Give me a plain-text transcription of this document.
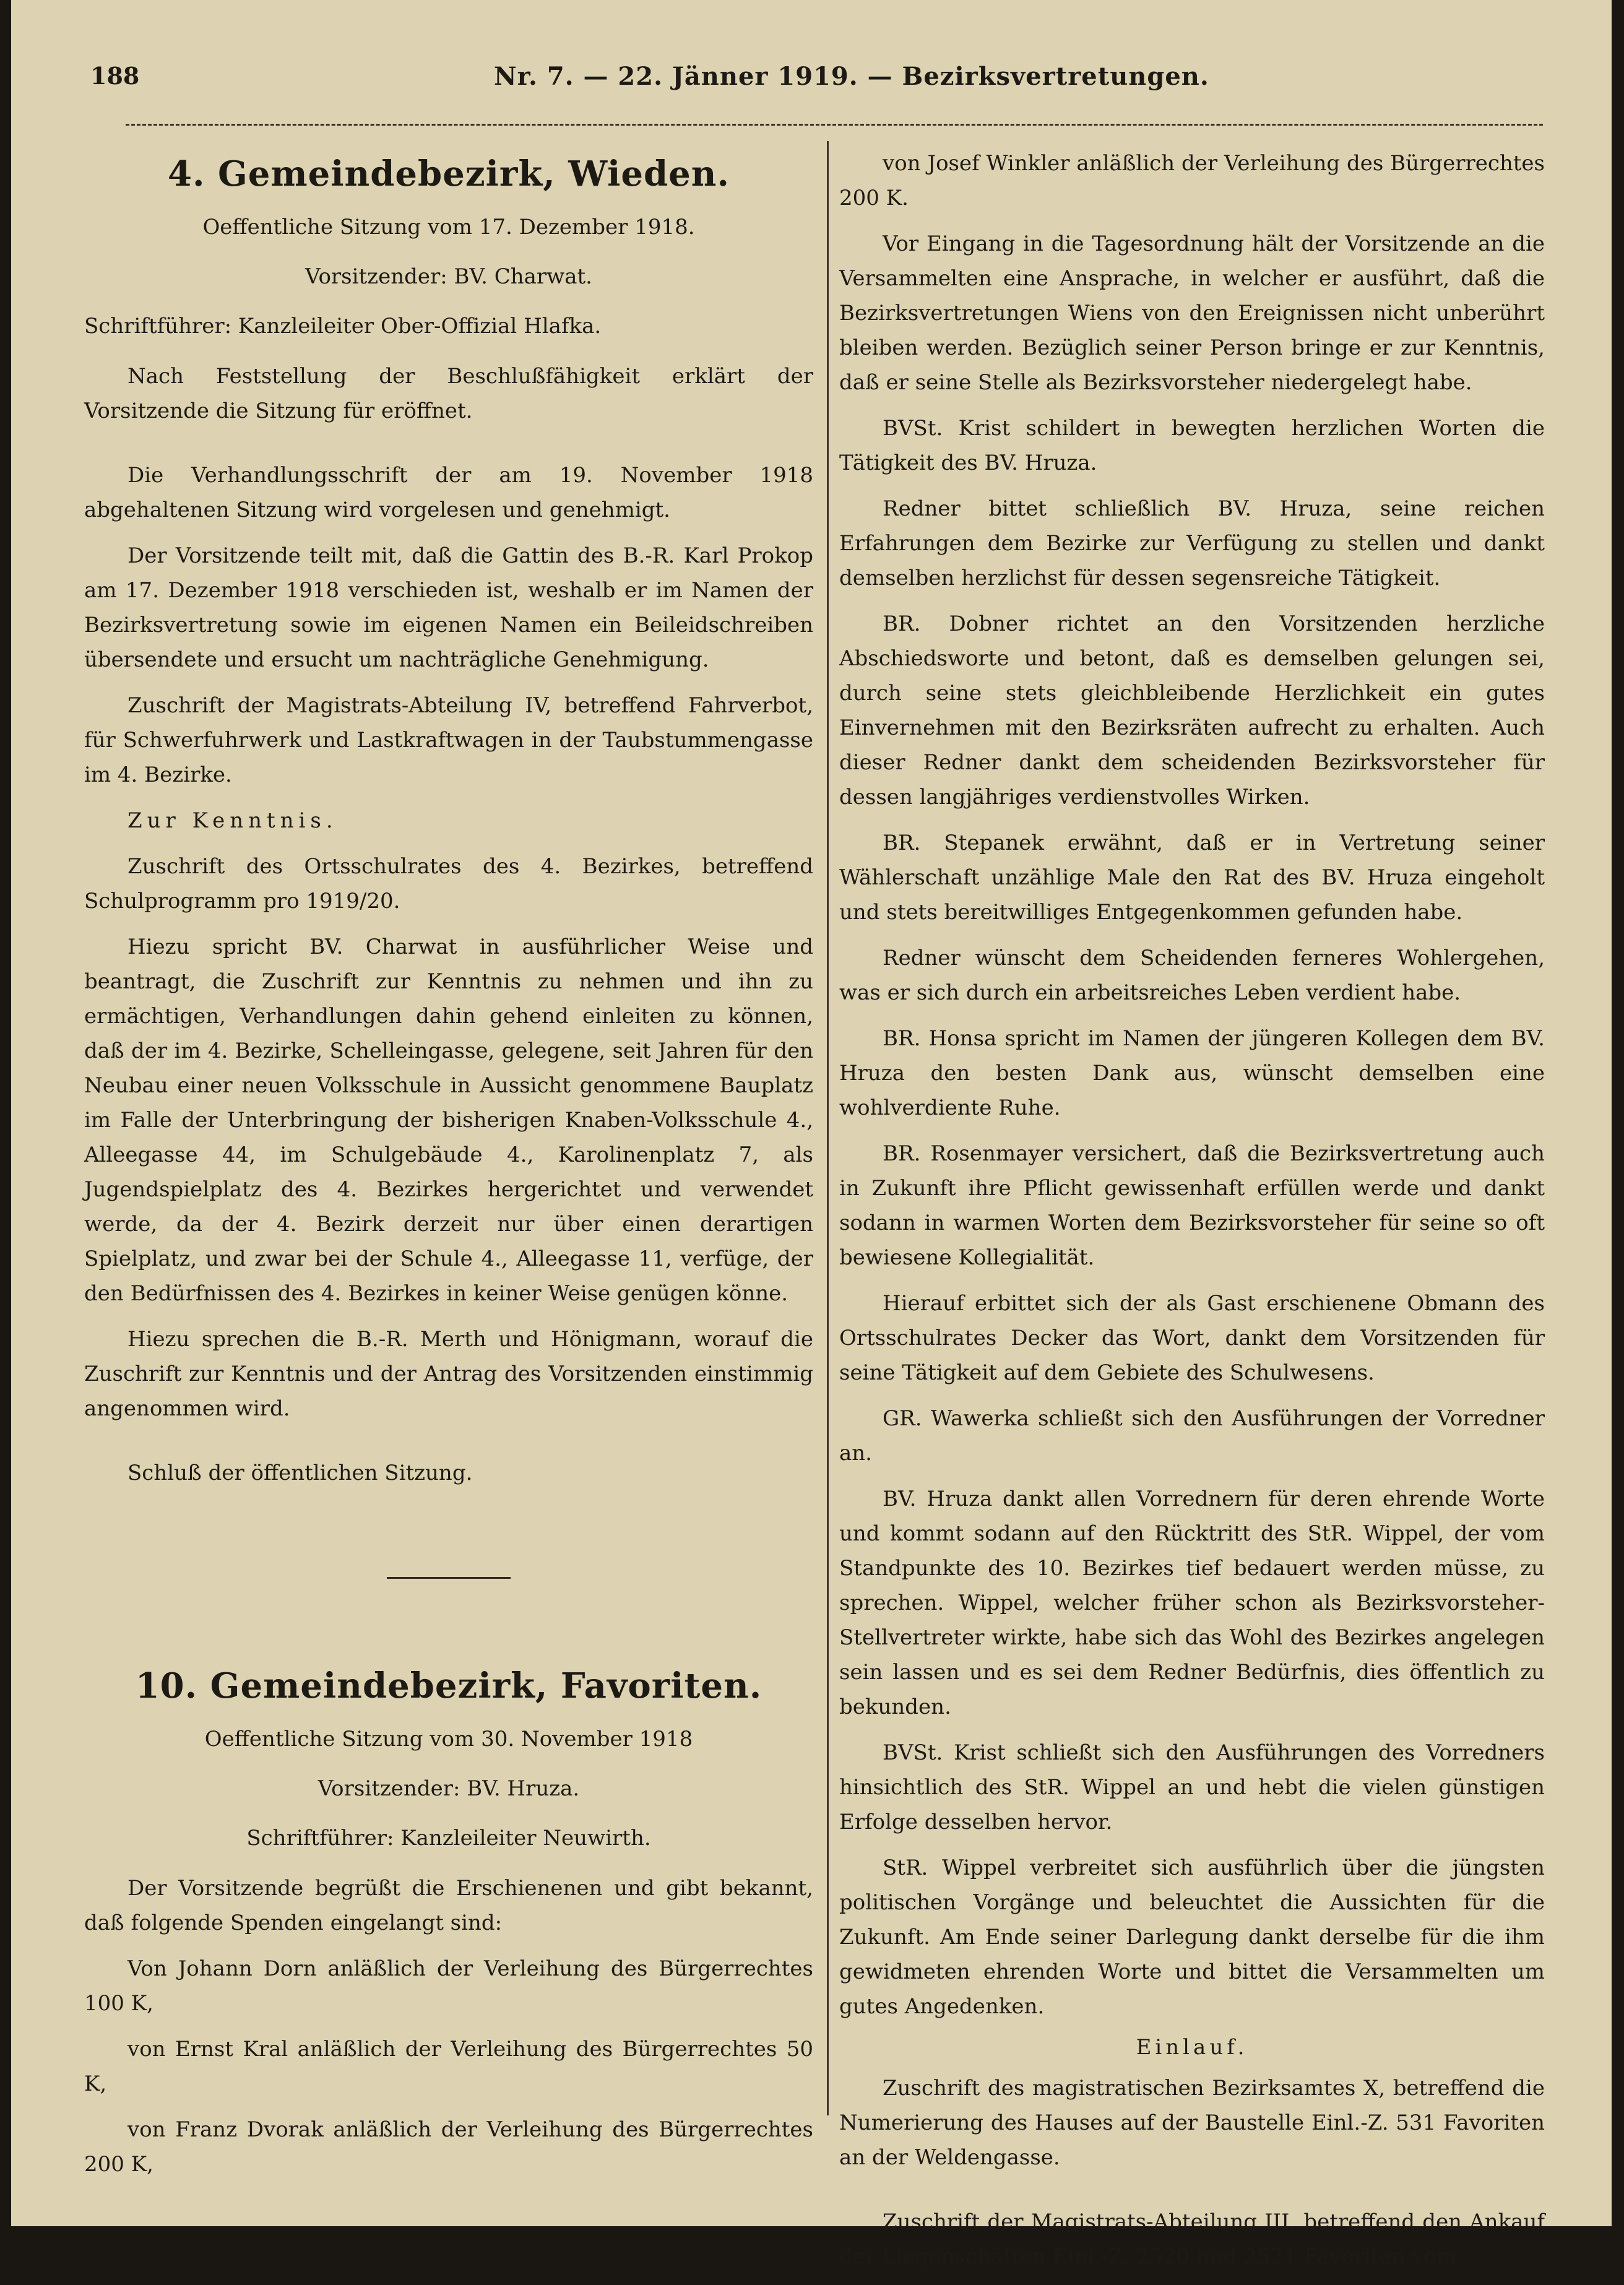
188	Nr. 7. — 22. Jänner 1919. — Bezirksvertretungen.
4. Gemeindebezirk, Wieden.
Oeffentliche Sitzung vom 17. Dezember 1918.
Vorsitzender: BV. Charwat.
Schriftführer: Kanzleileiter Ober-Offizial Hlafka.

Nach Feststellung der Beschlußfähigkeit erklärt der Vorsitzende die Sitzung für eröffnet.

Die Verhandlungsschrift der am 19. November 1918 abgehaltenen Sitzung wird vorgelesen und genehmigt.

Der Vorsitzende teilt mit, daß die Gattin des B.-R. Karl Prokop am 17. Dezember 1918 verschieden ist, weshalb er im Namen der Bezirksvertretung sowie im eigenen Namen ein Beileidschreiben übersendete und ersucht um nachträgliche Genehmigung.

Zuschrift der Magistrats-Abteilung IV, betreffend Fahrverbot, für Schwerfuhrwerk und Lastkraftwagen in der Taubstummengasse im 4. Bezirke.

Zur Kenntnis.

Zuschrift des Ortsschulrates des 4. Bezirkes, betreffend Schulprogramm pro 1919/20.

Hiezu spricht BV. Charwat in ausführlicher Weise und beantragt, die Zuschrift zur Kenntnis zu nehmen und ihn zu ermächtigen, Verhandlungen dahin gehend einleiten zu können, daß der im 4. Bezirke, Schelleingasse, gelegene, seit Jahren für den Neubau einer neuen Volksschule in Aussicht genommene Bauplatz im Falle der Unterbringung der bisherigen Knaben-Volksschule 4., Alleegasse 44, im Schulgebäude 4., Karolinenplatz 7, als Jugendspielplatz des 4. Bezirkes hergerichtet und verwendet werde, da der 4. Bezirk derzeit nur über einen derartigen Spielplatz, und zwar bei der Schule 4., Alleegasse 11, verfüge, der den Bedürfnissen des 4. Bezirkes in keiner Weise genügen könne.

Hiezu sprechen die B.-R. Merth und Hönigmann, worauf die Zuschrift zur Kenntnis und der Antrag des Vorsitzenden einstimmig angenommen wird.

Schluß der öffentlichen Sitzung.

10. Gemeindebezirk, Favoriten.
Oeffentliche Sitzung vom 30. November 1918
Vorsitzender: BV. Hruza.
Schriftführer: Kanzleileiter Neuwirth.

Der Vorsitzende begrüßt die Erschienenen und gibt bekannt, daß folgende Spenden eingelangt sind:

Von Johann Dorn anläßlich der Verleihung des Bürgerrechtes 100 K,

von Ernst Kral anläßlich der Verleihung des Bürgerrechtes 50 K,

von Franz Dvorak anläßlich der Verleihung des Bürgerrechtes 200 K,

von Josef Winkler anläßlich der Verleihung des Bürgerrechtes 200 K.

Vor Eingang in die Tagesordnung hält der Vorsitzende an die Versammelten eine Ansprache, in welcher er ausführt, daß die Bezirksvertretungen Wiens von den Ereignissen nicht unberührt bleiben werden. Bezüglich seiner Person bringe er zur Kenntnis, daß er seine Stelle als Bezirksvorsteher niedergelegt habe.

BVSt. Krist schildert in bewegten herzlichen Worten die Tätigkeit des BV. Hruza.

Redner bittet schließlich BV. Hruza, seine reichen Erfahrungen dem Bezirke zur Verfügung zu stellen und dankt demselben herzlichst für dessen segensreiche Tätigkeit.

BR. Dobner richtet an den Vorsitzenden herzliche Abschiedsworte und betont, daß es demselben gelungen sei, durch seine stets gleichbleibende Herzlichkeit ein gutes Einvernehmen mit den Bezirksräten aufrecht zu erhalten. Auch dieser Redner dankt dem scheidenden Bezirksvorsteher für dessen langjähriges verdienstvolles Wirken.

BR. Stepanek erwähnt, daß er in Vertretung seiner Wählerschaft unzählige Male den Rat des BV. Hruza eingeholt und stets bereitwilliges Entgegenkommen gefunden habe.

Redner wünscht dem Scheidenden ferneres Wohlergehen, was er sich durch ein arbeitsreiches Leben verdient habe.

BR. Honsa spricht im Namen der jüngeren Kollegen dem BV. Hruza den besten Dank aus, wünscht demselben eine wohlverdiente Ruhe.

BR. Rosenmayer versichert, daß die Bezirksvertretung auch in Zukunft ihre Pflicht gewissenhaft erfüllen werde und dankt sodann in warmen Worten dem Bezirksvorsteher für seine so oft bewiesene Kollegialität.

Hierauf erbittet sich der als Gast erschienene Obmann des Ortsschulrates Decker das Wort, dankt dem Vorsitzenden für seine Tätigkeit auf dem Gebiete des Schulwesens.

GR. Wawerka schließt sich den Ausführungen der Vorredner an.

BV. Hruza dankt allen Vorrednern für deren ehrende Worte und kommt sodann auf den Rücktritt des StR. Wippel, der vom Standpunkte des 10. Bezirkes tief bedauert werden müsse, zu sprechen. Wippel, welcher früher schon als Bezirksvorsteher-Stellvertreter wirkte, habe sich das Wohl des Bezirkes angelegen sein lassen und es sei dem Redner Bedürfnis, dies öffentlich zu bekunden.

BVSt. Krist schließt sich den Ausführungen des Vorredners hinsichtlich des StR. Wippel an und hebt die vielen günstigen Erfolge desselben hervor.

StR. Wippel verbreitet sich ausführlich über die jüngsten politischen Vorgänge und beleuchtet die Aussichten für die Zukunft. Am Ende seiner Darlegung dankt derselbe für die ihm gewidmeten ehrenden Worte und bittet die Versammelten um gutes Angedenken.

Einlauf.

Zuschrift des magistratischen Bezirksamtes X, betreffend die Numerierung des Hauses auf der Baustelle Einl.-Z. 531 Favoriten an der Weldengasse.

Zuschrift der Magistrats-Abteilung III, betreffend den Ankauf der Liegenschaften Einl.-Z. 2520 und 2521 Favoriten vom
